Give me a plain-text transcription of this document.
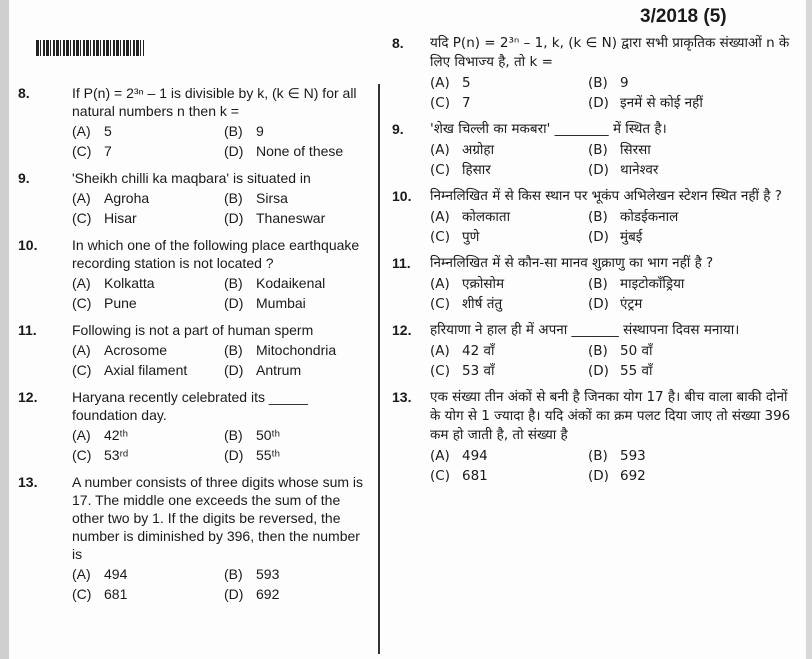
3/2018 (5)
8.	If P(n) = 2³ⁿ – 1 is divisible by k, (k ∈ N) for all natural numbers n then k =
(A) 5	(B) 9
(C) 7	(D) None of these
9.	'Sheikh chilli ka maqbara' is situated in
(A) Agroha	(B) Sirsa
(C) Hisar	(D) Thaneswar
10.	In which one of the following place earthquake recording station is not located ?
(A) Kolkatta	(B) Kodaikenal
(C) Pune	(D) Mumbai
11.	Following is not a part of human sperm
(A) Acrosome	(B) Mitochondria
(C) Axial filament	(D) Antrum
12.	Haryana recently celebrated its _____ foundation day.
(A) 42ᵗʰ	(B) 50ᵗʰ
(C) 53ʳᵈ	(D) 55ᵗʰ
13.	A number consists of three digits whose sum is 17. The middle one exceeds the sum of the other two by 1. If the digits be reversed, the number is diminished by 396, then the number is
(A) 494	(B) 593
(C) 681	(D) 692
8.	यदि P(n) = 2³ⁿ – 1, k, (k ∈ N) द्वारा सभी प्राकृतिक संख्याओं n के लिए विभाज्य है, तो k =
(A) 5	(B) 9
(C) 7	(D) इनमें से कोई नहीं
9.	'शेख चिल्ली का मकबरा' ________ में स्थित है।
(A) अग्रोहा	(B) सिरसा
(C) हिसार	(D) थानेश्वर
10.	निम्नलिखित में से किस स्थान पर भूकंप अभिलेखन स्टेशन स्थित नहीं है ?
(A) कोलकाता	(B) कोडईकनाल
(C) पुणे	(D) मुंबई
11.	निम्नलिखित में से कौन-सा मानव शुक्राणु का भाग नहीं है ?
(A) एक्रोसोम	(B) माइटोकॉंड्रिया
(C) शीर्ष तंतु	(D) एंट्रम
12.	हरियाणा ने हाल ही में अपना _______ संस्थापना दिवस मनाया।
(A) 42 वाँ	(B) 50 वाँ
(C) 53 वाँ	(D) 55 वाँ
13.	एक संख्या तीन अंकों से बनी है जिनका योग 17 है। बीच वाला बाकी दोनों के योग से 1 ज्यादा है। यदि अंकों का क्रम पलट दिया जाए तो संख्या 396 कम हो जाती है, तो संख्या है
(A) 494	(B) 593
(C) 681	(D) 692
